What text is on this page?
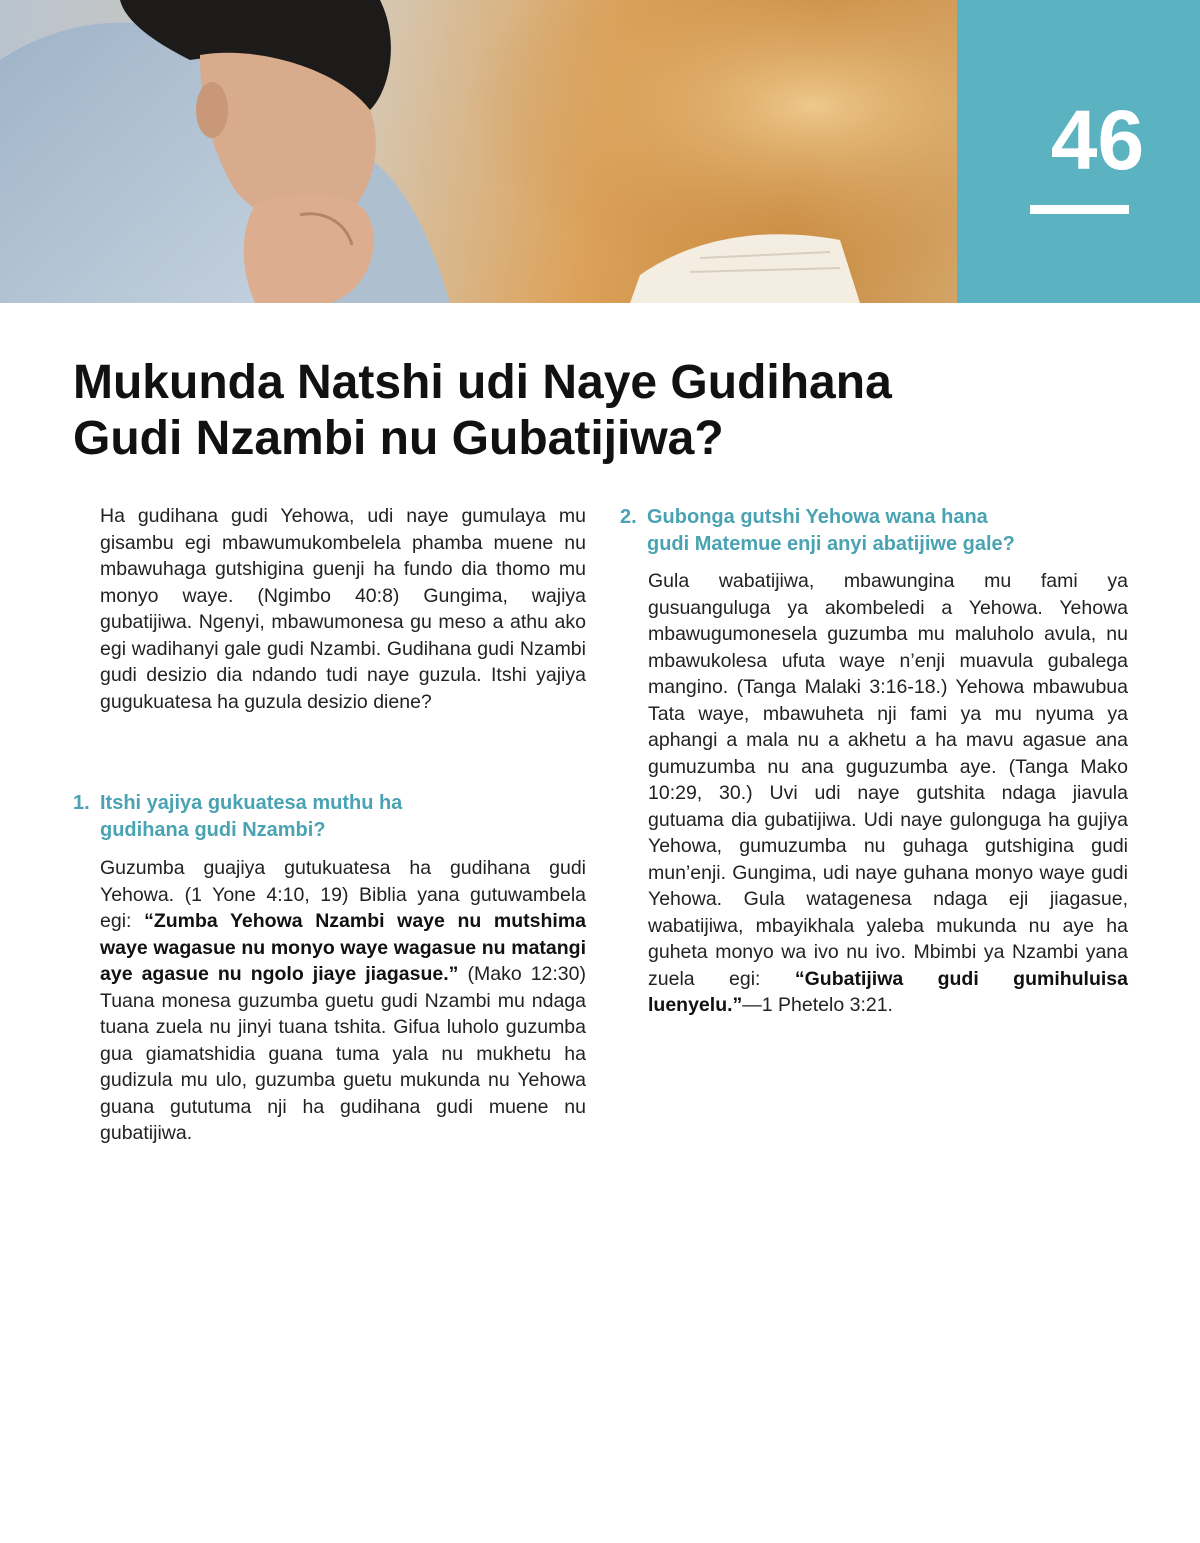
46
Mukunda Natshi udi Naye Gudihana
Gudi Nzambi nu Gubatijiwa?

Ha gudihana gudi Yehowa, udi naye gumulaya mu gisambu egi mbawumukombelela phamba muene nu mbawuhaga gutshigina guenji ha fundo dia thomo mu monyo waye. (Ngimbo 40:8) Gungima, wajiya gubatijiwa. Ngenyi, mbawumonesa gu meso a athu ako egi wadihanyi gale gudi Nzambi. Gudihana gudi Nzambi gudi desizio dia ndando tudi naye guzula. Itshi yajiya gugukuatesa ha guzula desizio diene?

1. Itshi yajiya gukuatesa muthu ha
gudihana gudi Nzambi?

Guzumba guajiya gutukuatesa ha gudihana gudi Yehowa. (1 Yone 4:10, 19) Biblia yana gutuwambela egi: “Zumba Yehowa Nzambi waye nu mutshima waye wagasue nu monyo waye wagasue nu matangi aye agasue nu ngolo jiaye jiagasue.” (Mako 12:30) Tuana monesa guzumba guetu gudi Nzambi mu ndaga tuana zuela nu jinyi tuana tshita. Gifua luholo guzumba gua giamatshidia guana tuma yala nu mukhetu ha gudizula mu ulo, guzumba guetu mukunda nu Yehowa guana gututuma nji ha gudihana gudi muene nu gubatijiwa.

2. Gubonga gutshi Yehowa wana hana
gudi Matemue enji anyi abatijiwe gale?

Gula wabatijiwa, mbawungina mu fami ya gusuanguluga ya akombeledi a Yehowa. Yehowa mbawugumonesela guzumba mu maluholo avula, nu mbawukolesa ufuta waye n’enji muavula gubalega mangino. (Tanga Malaki 3:16-18.) Yehowa mbawubua Tata waye, mbawuheta nji fami ya mu nyuma ya aphangi a mala nu a akhetu a ha mavu agasue ana gumuzumba nu ana guguzumba aye. (Tanga Mako 10:29, 30.) Uvi udi naye gutshita ndaga jiavula gutuama dia gubatijiwa. Udi naye gulonguga ha gujiya Yehowa, gumuzumba nu guhaga gutshigina gudi mun’enji. Gungima, udi naye guhana monyo waye gudi Yehowa. Gula watagenesa ndaga eji jiagasue, wabatijiwa, mbayikhala yaleba mukunda nu aye ha guheta monyo wa ivo nu ivo. Mbimbi ya Nzambi yana zuela egi: “Gubatijiwa gudi gumihuluisa luenyelu.”—1 Phetelo 3:21.
